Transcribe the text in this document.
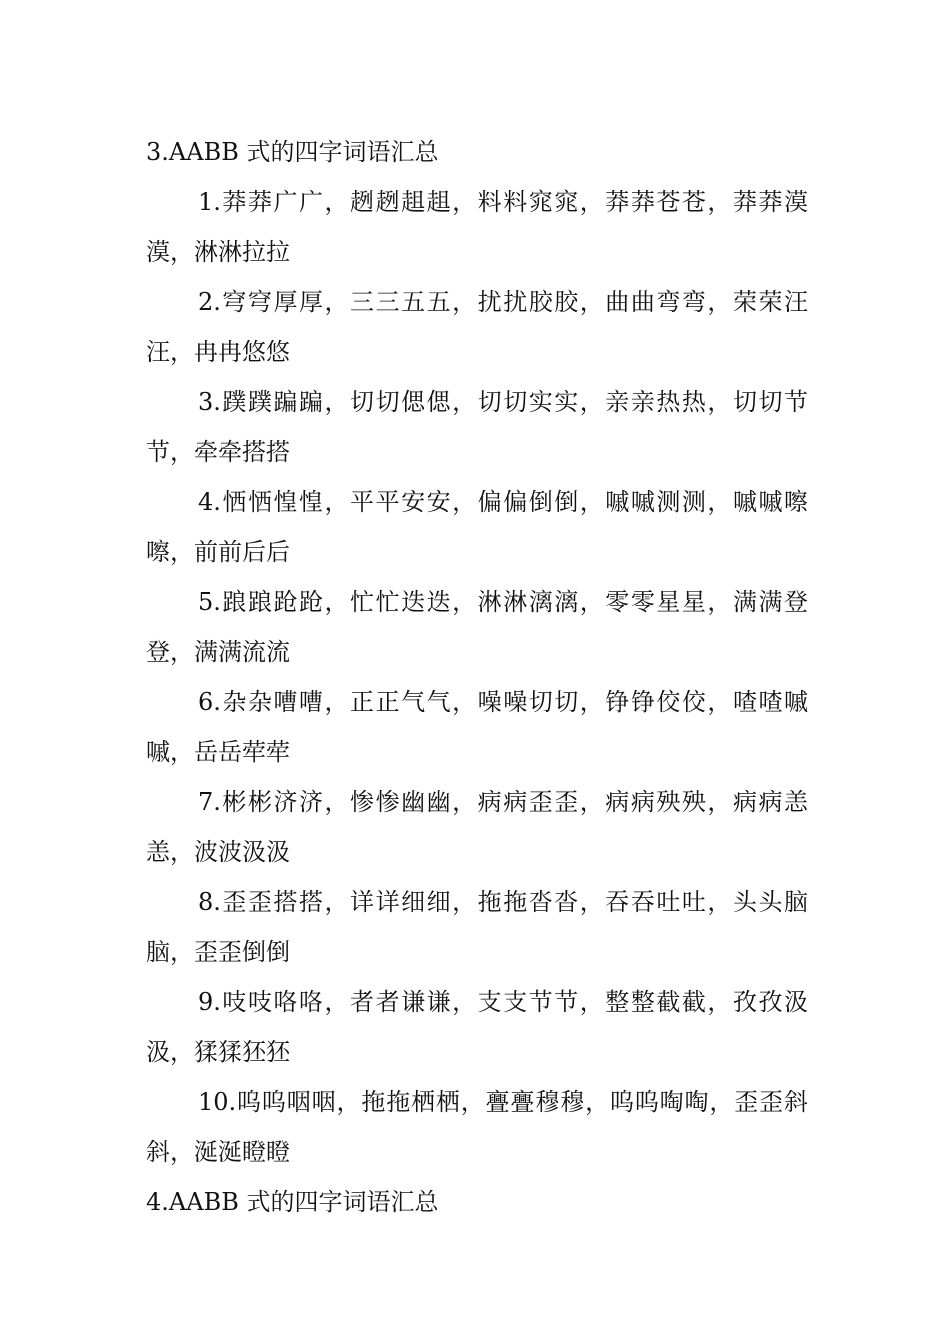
3.AABB 式的四字词语汇总

1.莽莽广广，趔趔趄趄，料料窕窕，莽莽苍苍，莽莽漠漠，淋淋拉拉

2.穹穹厚厚，三三五五，扰扰胶胶，曲曲弯弯，荣荣汪汪，冉冉悠悠

3.蹼蹼蹁蹁，切切偲偲，切切实实，亲亲热热，切切节节，牵牵搭搭

4.恓恓惶惶，平平安安，偏偏倒倒，嘁嘁测测，嘁嘁嚓嚓，前前后后

5.踉踉跄跄，忙忙迭迭，淋淋漓漓，零零星星，满满登登，满满流流

6.杂杂嘈嘈，正正气气，噪噪切切，铮铮佼佼，喳喳嘁嘁，岳岳荦荦

7.彬彬济济，惨惨幽幽，病病歪歪，病病殃殃，病病恙恙，波波汲汲

8.歪歪搭搭，详详细细，拖拖沓沓，吞吞吐吐，头头脑脑，歪歪倒倒

9.吱吱咯咯，者者谦谦，支支节节，整整截截，孜孜汲汲，猱猱狉狉

10.呜呜咽咽，拖拖栖栖，亹亹穆穆，呜呜啕啕，歪歪斜斜，涎涎瞪瞪

4.AABB 式的四字词语汇总
